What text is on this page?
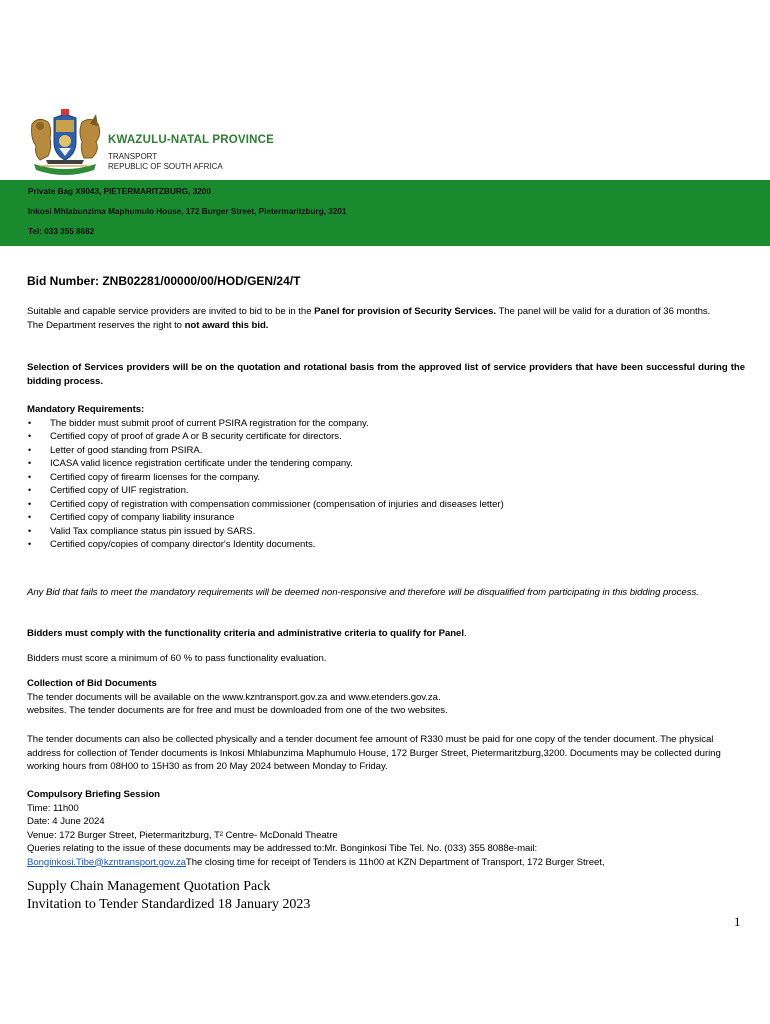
KWAZULU-NATAL PROVINCE
TRANSPORT
REPUBLIC OF SOUTH AFRICA
Private Bag X9043, PIETERMARITZBURG, 3200
Inkosi Mhlabunzima Maphumulo House, 172 Burger Street, Pietermaritzburg, 3201
Tel: 033 355 8682
Bid Number: ZNB02281/00000/00/HOD/GEN/24/T

Suitable and capable service providers are invited to bid to be in the Panel for provision of Security Services. The panel will be valid for a duration of 36 months.

The Department reserves the right to not award this bid.

Selection of Services providers will be on the quotation and rotational basis from the approved list of service providers that have been successful during the bidding process.

Mandatory Requirements:

• The bidder must submit proof of current PSIRA registration for the company.
• Certified copy of proof of grade A or B security certificate for directors.
• Letter of good standing from PSIRA.
• ICASA valid licence registration certificate under the tendering company.
• Certified copy of firearm licenses for the company.
• Certified copy of UIF registration.
• Certified copy of registration with compensation commissioner (compensation of injuries and diseases letter)
• Certified copy of company liability insurance
• Valid Tax compliance status pin issued by SARS.
• Certified copy/copies of company director's Identity documents.
Any Bid that fails to meet the mandatory requirements will be deemed non-responsive and therefore will be disqualified from participating in this bidding process.
Bidders must comply with the functionality criteria and administrative criteria to qualify for Panel.
Bidders must score a minimum of 60 % to pass functionality evaluation.

Collection of Bid Documents

The tender documents will be available on the www.kzntransport.gov.za and www.etenders.gov.za.

websites. The tender documents are for free and must be downloaded from one of the two websites.

The tender documents can also be collected physically and a tender document fee amount of R330 must be paid for one copy of the tender document. The physical address for collection of Tender documents is Inkosi Mhlabunzima Maphumulo House, 172 Burger Street, Pietermaritzburg,3200. Documents may be collected during working hours from 08H00 to 15H30 as from 20 May 2024 between Monday to Friday.

Compulsory Briefing Session

Time: 11h00

Date: 4 June 2024

Venue: 172 Burger Street, Pietermaritzburg, T² Centre- McDonald Theatre

Queries relating to the issue of these documents may be addressed to:Mr. Bonginkosi Tibe Tel. No. (033) 355 8088e-mail:

Bonginkosi.Tibe@kzntransport.gov.zaThe closing time for receipt of Tenders is 11h00 at KZN Department of Transport, 172 Burger Street,

Supply Chain Management Quotation Pack
Invitation to Tender Standardized 18 January 2023
1
